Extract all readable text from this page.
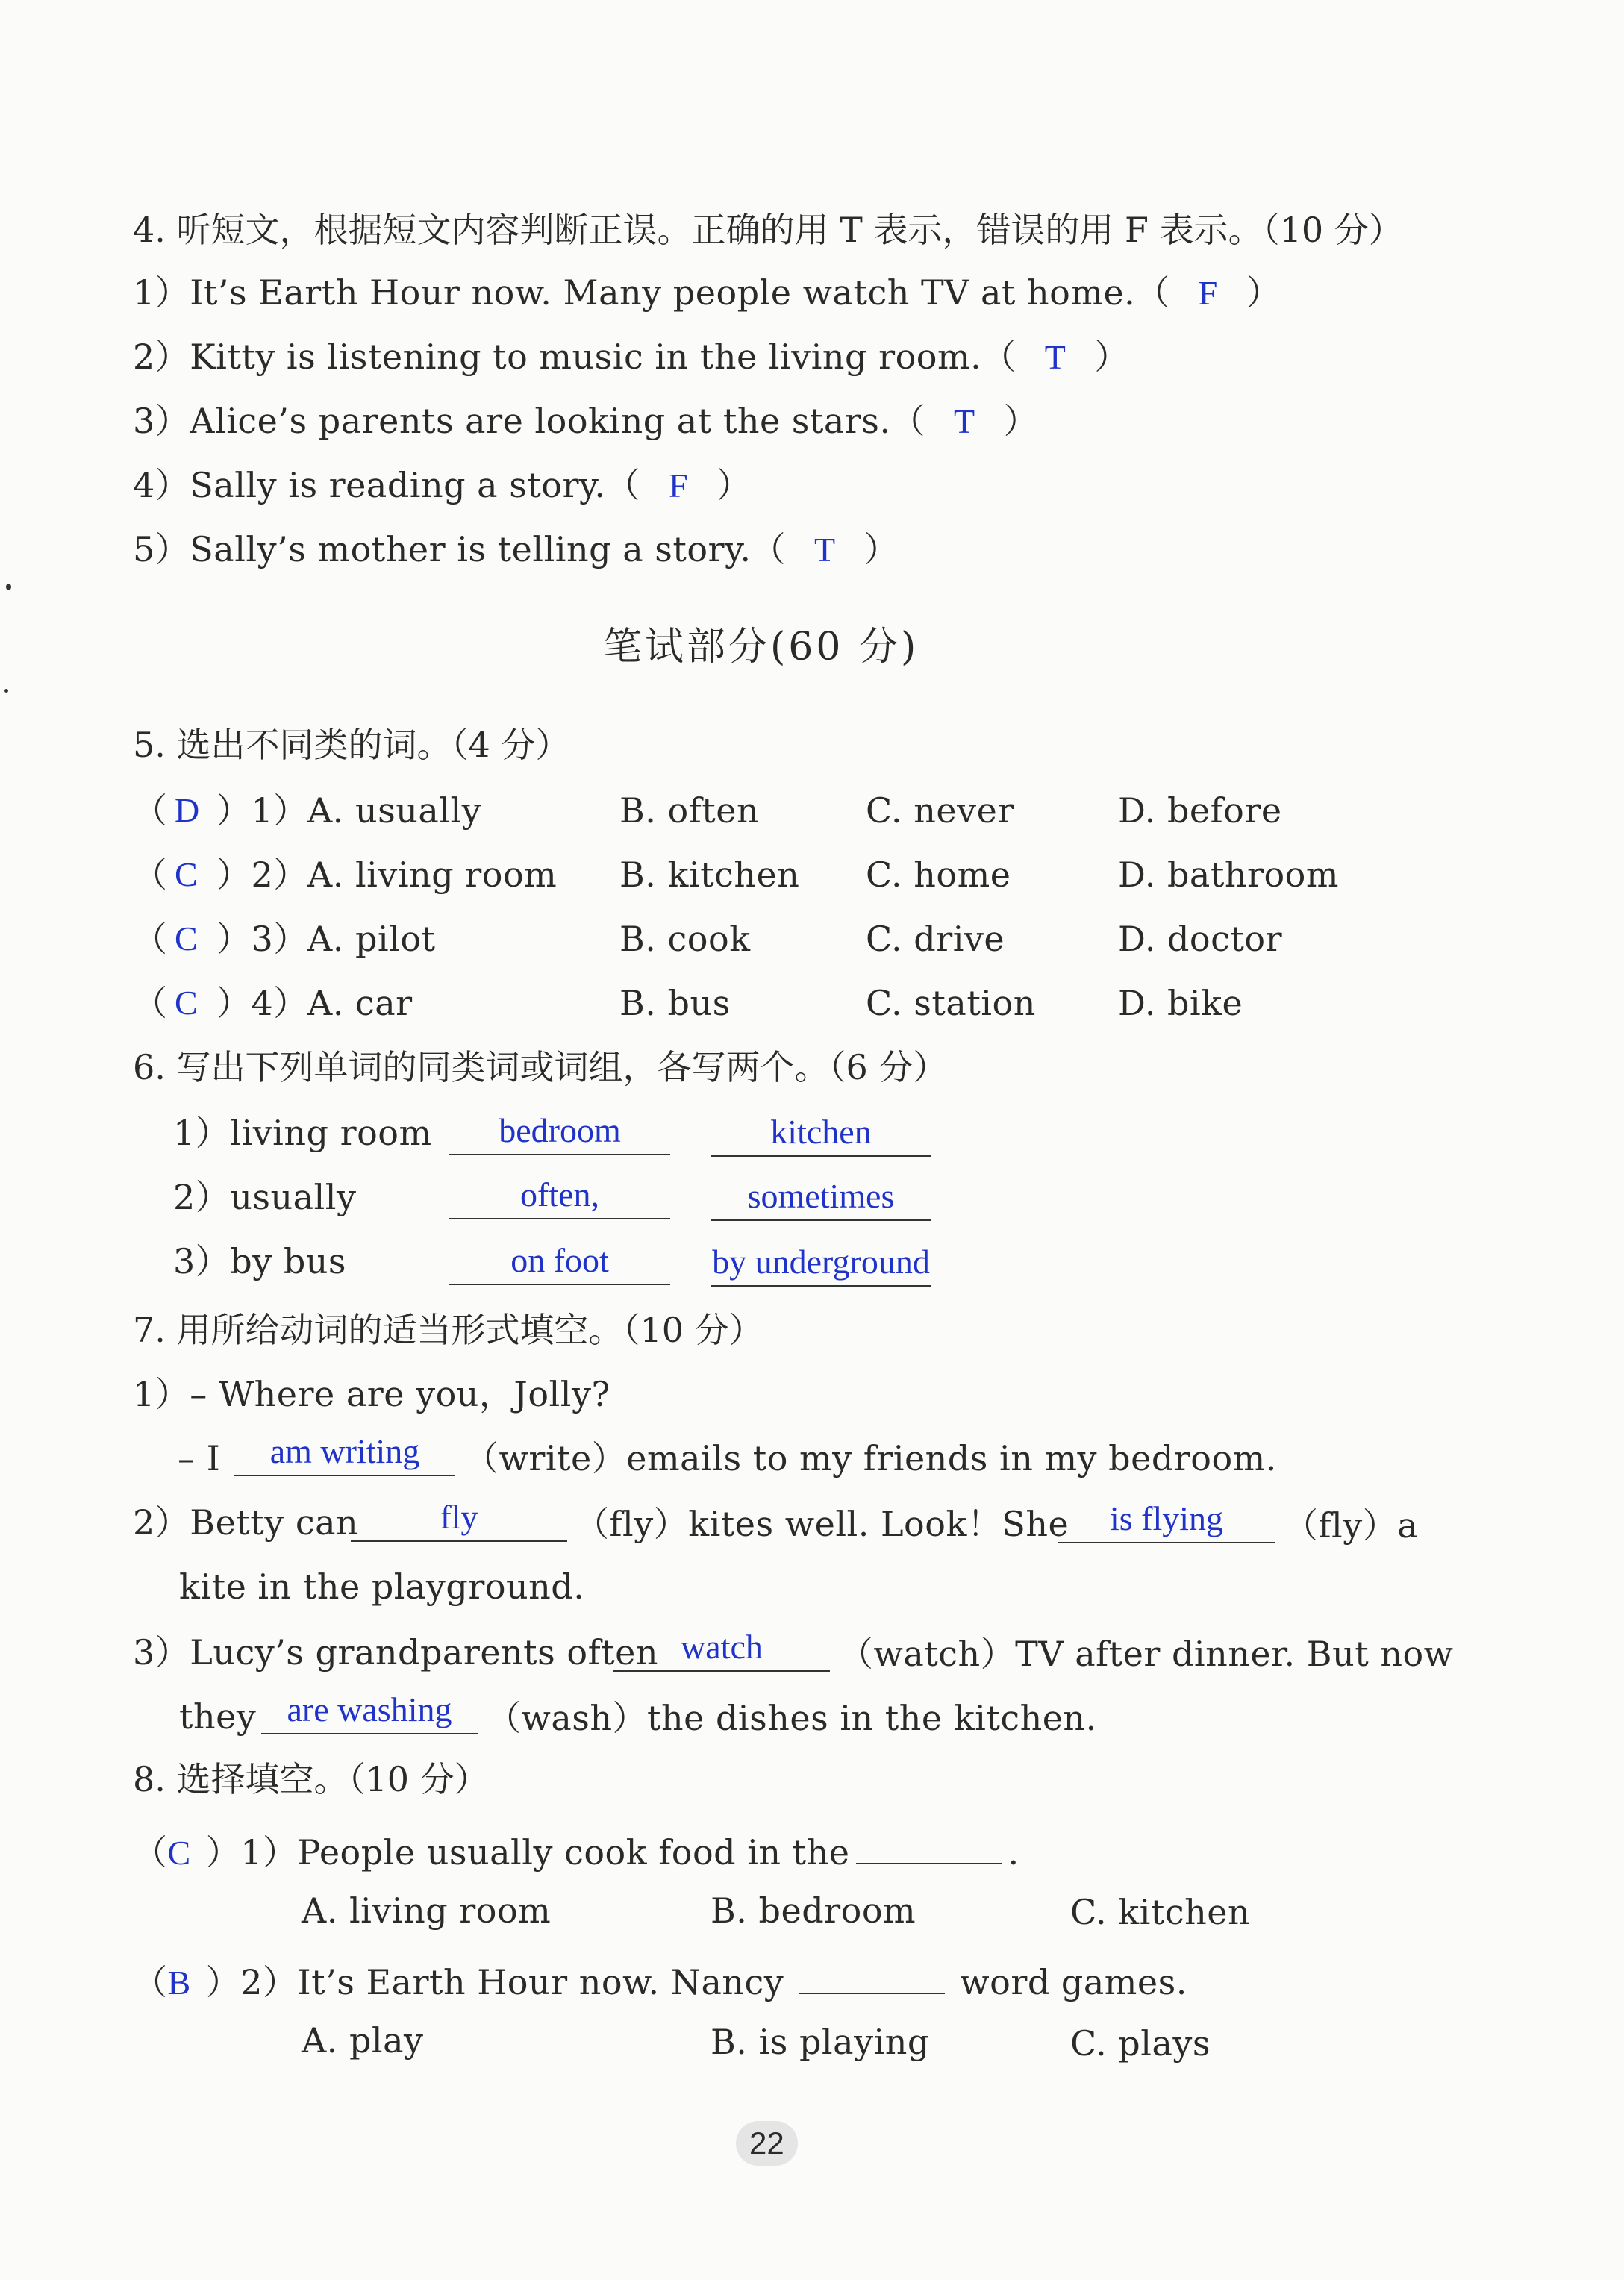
4. 听短文，根据短文内容判断正误。正确的用 T 表示，错误的用 F 表示。（10 分）
1）It’s Earth Hour now. Many people watch TV at home.（ F ）
2）Kitty is listening to music in the living room.（ T ）
3）Alice’s parents are looking at the stars.（ T ）
4）Sally is reading a story.（ F ）
5）Sally’s mother is telling a story.（ T ）
笔试部分(60 分)
5. 选出不同类的词。（4 分）
（ D ）1） A. usually	B. often	C. never	D. before
（ C ）2） A. living room B. kitchen C. home	D. bathroom
（ C ）3） A. pilot	B. cook	C. drive	D. doctor
（ C ）4） A. car	B. bus	C. station D. bike
6. 写出下列单词的同类词或词组，各写两个。（6 分）
1）living room	bedroom	kitchen
2）usually	often,	sometimes
3）by bus	on foot	by underground
7. 用所给动词的适当形式填空。（10 分）
1）– Where are you，Jolly?
– I	am writing	（write）emails to my friends in my bedroom.
2）Betty can	fly	（fly）kites well. Look！She	is flying	（fly）a
kite in the playground.
3）Lucy’s grandparents often watch	（watch）TV after dinner. But now
they are washing	（wash）the dishes in the kitchen.
8. 选择填空。（10 分）
（C ）1）People usually cook food in the	.
A. living room	B. bedroom	C. kitchen
（B ）2）It’s Earth Hour now. Nancy	word games.
A. play	B. is playing	C. plays
22
